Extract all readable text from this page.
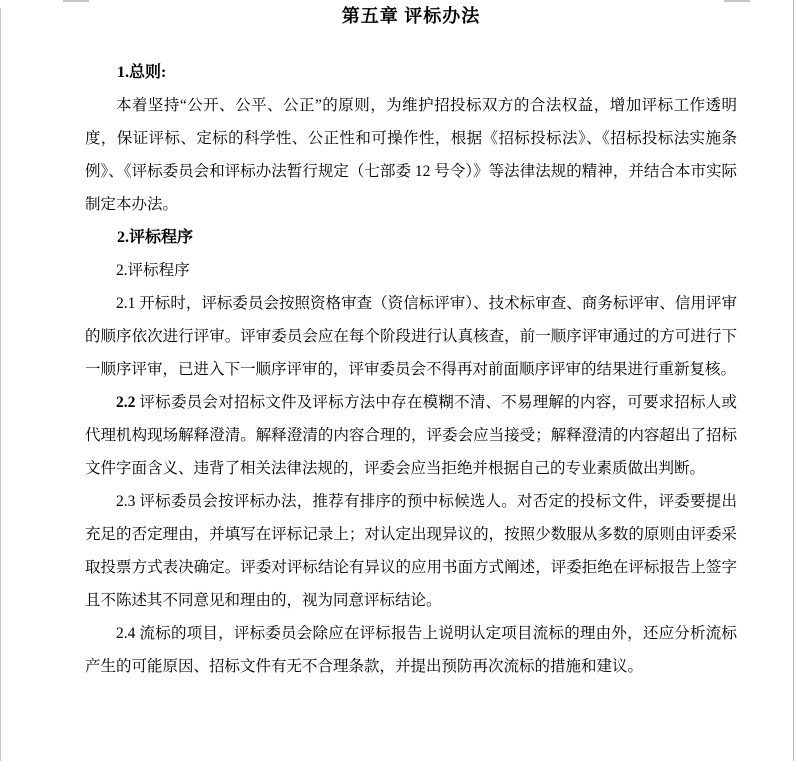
第五章 评标办法

1.总则:

本着坚持“公开、公平、公正”的原则，为维护招投标双方的合法权益，增加评标工作透明度，保证评标、定标的科学性、公正性和可操作性，根据《招标投标法》、《招标投标法实施条例》、《评标委员会和评标办法暂行规定（七部委 12 号令）》等法律法规的精神，并结合本市实际制定本办法。

2.评标程序

2.评标程序

2.1 开标时，评标委员会按照资格审查（资信标评审）、技术标审查、商务标评审、信用评审的顺序依次进行评审。评审委员会应在每个阶段进行认真核查，前一顺序评审通过的方可进行下一顺序评审，已进入下一顺序评审的，评审委员会不得再对前面顺序评审的结果进行重新复核。

2.2 评标委员会对招标文件及评标方法中存在模糊不清、不易理解的内容，可要求招标人或代理机构现场解释澄清。解释澄清的内容合理的，评委会应当接受；解释澄清的内容超出了招标文件字面含义、违背了相关法律法规的，评委会应当拒绝并根据自己的专业素质做出判断。

2.3 评标委员会按评标办法，推荐有排序的预中标候选人。对否定的投标文件，评委要提出充足的否定理由，并填写在评标记录上；对认定出现异议的，按照少数服从多数的原则由评委采取投票方式表决确定。评委对评标结论有异议的应用书面方式阐述，评委拒绝在评标报告上签字且不陈述其不同意见和理由的，视为同意评标结论。

2.4 流标的项目，评标委员会除应在评标报告上说明认定项目流标的理由外，还应分析流标产生的可能原因、招标文件有无不合理条款，并提出预防再次流标的措施和建议。
